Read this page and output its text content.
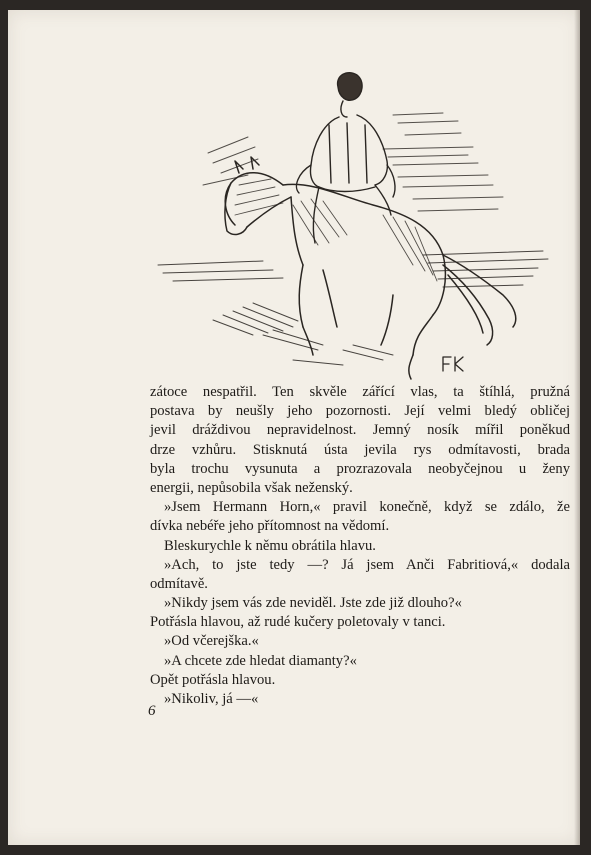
zátoce nespatřil. Ten skvěle zářící vlas, ta štíhlá, pružná
postava by neušly jeho pozornosti. Její velmi bledý obličej
jevil dráždivou nepravidelnost. Jemný nosík mířil poněkud
drze vzhůru. Stisknutá ústa jevila rys odmítavosti, brada
byla trochu vysunuta a prozrazovala neobyčejnou u ženy
energii, nepůsobila však neženský.
»Jsem Hermann Horn,« pravil konečně, když se zdálo, že
dívka nebéře jeho přítomnost na vědomí.
Bleskurychle k němu obrátila hlavu.
»Ach, to jste tedy —? Já jsem Anči Fabritiová,« dodala
odmítavě.
»Nikdy jsem vás zde neviděl. Jste zde již dlouho?«
Potřásla hlavou, až rudé kučery poletovaly v tanci.
»Od včerejška.«
»A chcete zde hledat diamanty?«
Opět potřásla hlavou.
»Nikoliv, já —«
6
